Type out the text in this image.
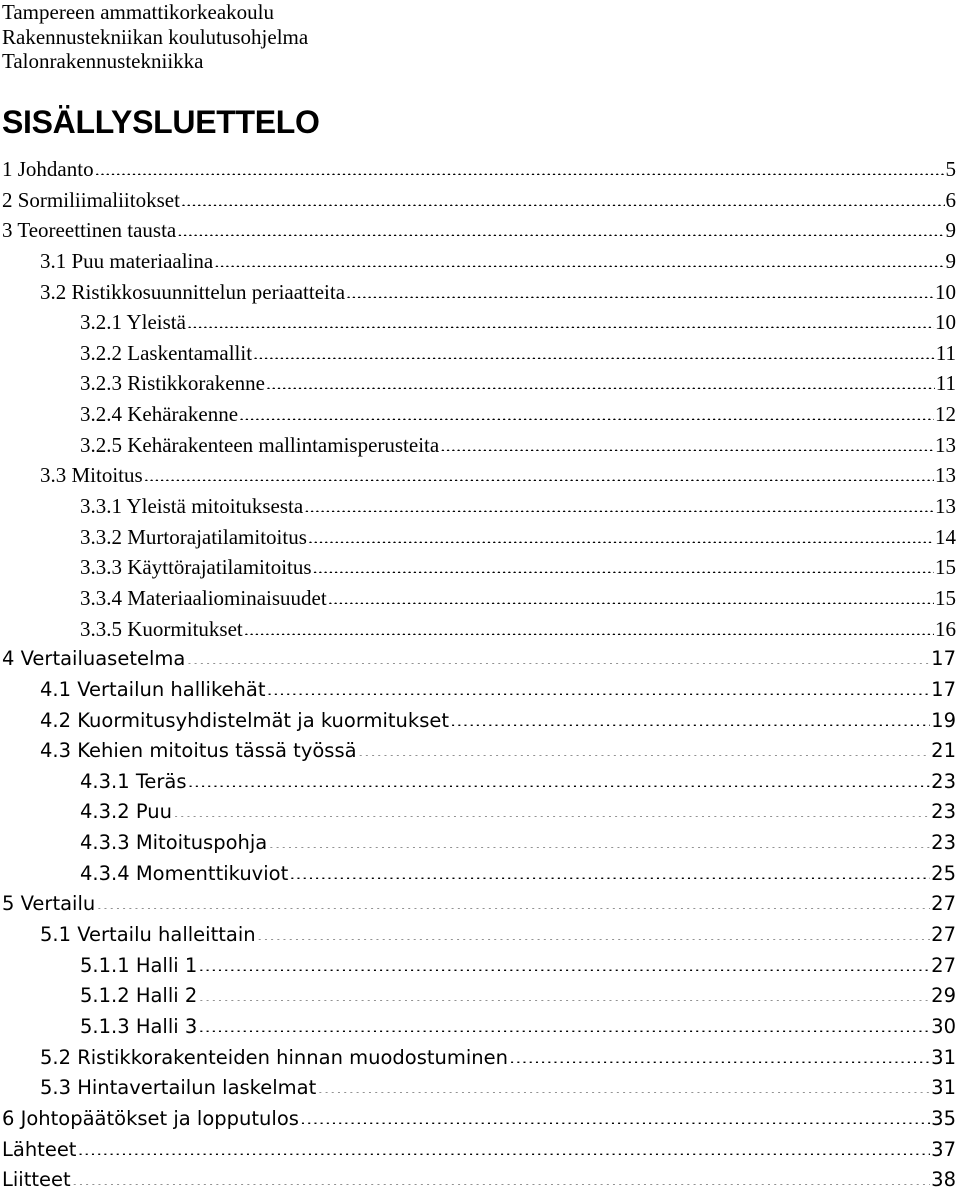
Tampereen ammattikorkeakoulu
Rakennustekniikan koulutusohjelma
Talonrakennustekniikka
SISÄLLYSLUETTELO
1 Johdanto .....	5
2 Sormiliimaliitokset .....	6
3 Teoreettinen tausta .....	9
3.1 Puu materiaalina .....	9
3.2 Ristikkosuunnittelun periaatteita .....	10
3.2.1 Yleistä .....	10
3.2.2 Laskentamallit .....	11
3.2.3 Ristikkorakenne .....	11
3.2.4 Kehärakenne .....	12
3.2.5 Kehärakenteen mallintamisperusteita .....	13
3.3 Mitoitus .....	13
3.3.1 Yleistä mitoituksesta .....	13
3.3.2 Murtorajatilamitoitus .....	14
3.3.3 Käyttörajatilamitoitus .....	15
3.3.4 Materiaaliominaisuudet .....	15
3.3.5 Kuormitukset .....	16
4 Vertailuasetelma .....	17
4.1 Vertailun hallikehät .....	17
4.2 Kuormitusyhdistelmät ja kuormitukset .....	19
4.3 Kehien mitoitus tässä työssä .....	21
4.3.1 Teräs .....	23
4.3.2 Puu .....	23
4.3.3 Mitoituspohja .....	23
4.3.4 Momenttikuviot .....	25
5 Vertailu .....	27
5.1 Vertailu halleittain .....	27
5.1.1 Halli 1 .....	27
5.1.2 Halli 2 .....	29
5.1.3 Halli 3 .....	30
5.2 Ristikkorakenteiden hinnan muodostuminen .....	31
5.3 Hintavertailun laskelmat .....	31
6 Johtopäätökset ja lopputulos .....	35
Lähteet .....	37
Liitteet .....	38
